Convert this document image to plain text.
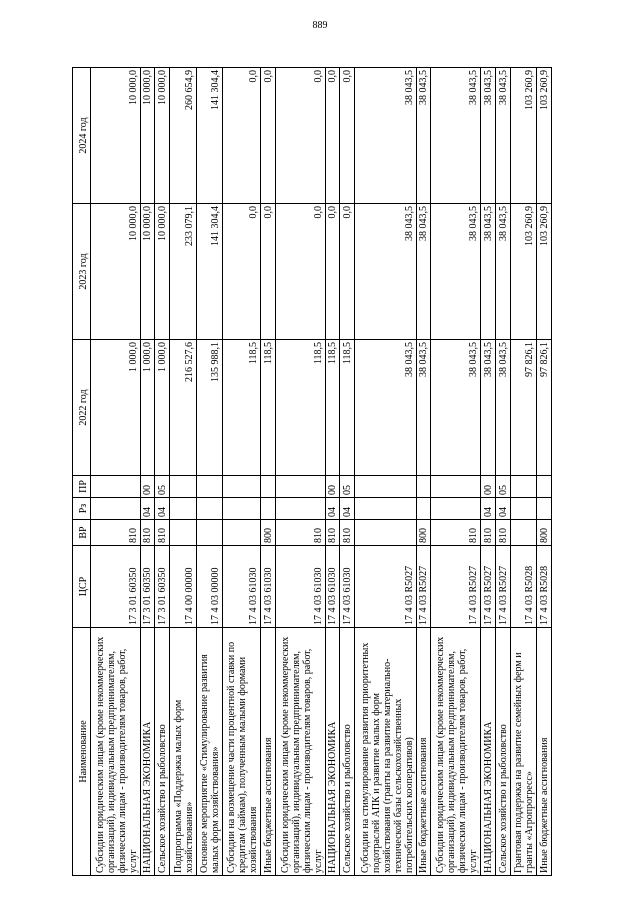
889
Наименование	ЦСР	ВР	Рз	ПР	2022 год	2023 год	2024 год
Субсидии юридическим лицам (кроме некоммерческих организаций), индивидуальным предпринимателям, физическим лицам - производителям товаров, работ, услуг	17 3 01 60350	810			1 000,0	10 000,0	10 000,0
НАЦИОНАЛЬНАЯ ЭКОНОМИКА	17 3 01 60350	810	04	00	1 000,0	10 000,0	10 000,0
Сельское хозяйство и рыболовство	17 3 01 60350	810	04	05	1 000,0	10 000,0	10 000,0
Подпрограмма «Поддержка малых форм хозяйствования»	17 4 00 00000				216 527,6	233 079,1	260 654,9
Основное мероприятие «Стимулирование развития малых форм хозяйствования»	17 4 03 00000				135 988,1	141 304,4	141 304,4
Субсидии на возмещение части процентной ставки по кредитам (займам), полученным малыми формами хозяйствования	17 4 03 61030				118,5	0,0	0,0
Иные бюджетные ассигнования	17 4 03 61030	800			118,5	0,0	0,0
Субсидии юридическим лицам (кроме некоммерческих организаций), индивидуальным предпринимателям, физическим лицам - производителям товаров, работ, услуг	17 4 03 61030	810			118,5	0,0	0,0
НАЦИОНАЛЬНАЯ ЭКОНОМИКА	17 4 03 61030	810	04	00	118,5	0,0	0,0
Сельское хозяйство и рыболовство	17 4 03 61030	810	04	05	118,5	0,0	0,0
Субсидии на стимулирование развития приоритетных подотраслей АПК и развитие малых форм хозяйствования (гранты на развитие материально-технической базы сельскохозяйственных потребительских кооперативов)	17 4 03 R5027				38 043,5	38 043,5	38 043,5
Иные бюджетные ассигнования	17 4 03 R5027	800			38 043,5	38 043,5	38 043,5
Субсидии юридическим лицам (кроме некоммерческих организаций), индивидуальным предпринимателям, физическим лицам - производителям товаров, работ, услуг	17 4 03 R5027	810			38 043,5	38 043,5	38 043,5
НАЦИОНАЛЬНАЯ ЭКОНОМИКА	17 4 03 R5027	810	04	00	38 043,5	38 043,5	38 043,5
Сельское хозяйство и рыболовство	17 4 03 R5027	810	04	05	38 043,5	38 043,5	38 043,5
Грантовая поддержка на развитие семейных ферм и гранты «Агропрогресс»	17 4 03 R5028				97 826,1	103 260,9	103 260,9
Иные бюджетные ассигнования	17 4 03 R5028	800			97 826,1	103 260,9	103 260,9
